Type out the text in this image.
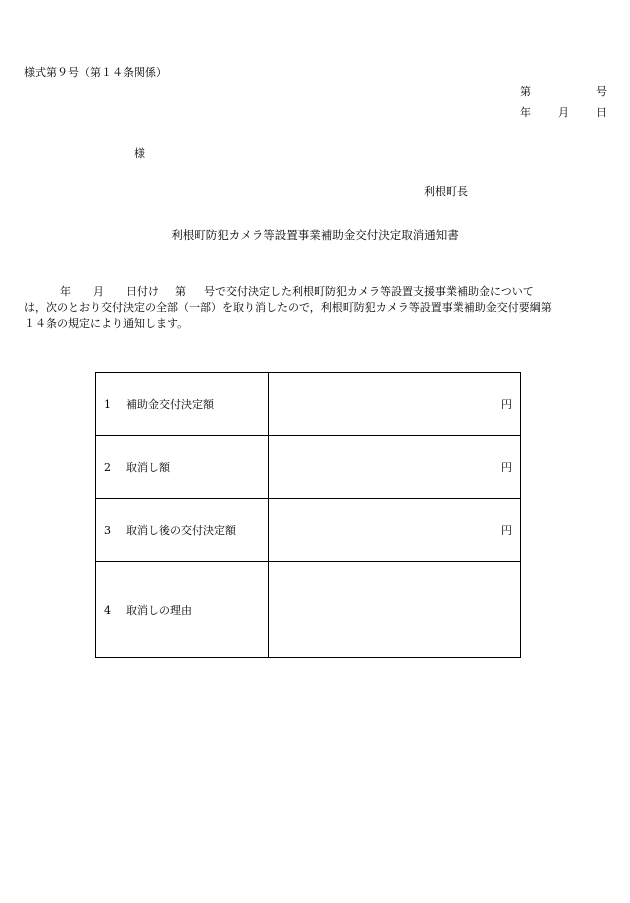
様式第９号（第１４条関係）
第	号
年 月 日
様
利根町長
利根町防犯カメラ等設置事業補助金交付決定取消通知書

年 月 日付け 第 号で交付決定した利根町防犯カメラ等設置支援事業補助金について

は，次のとおり交付決定の全部（一部）を取り消したので，利根町防犯カメラ等設置事業補助金交付要綱第

１４条の規定により通知します。

1 補助金交付決定額	円
2 取消し額	円
3 取消し後の交付決定額	円
4 取消しの理由	
